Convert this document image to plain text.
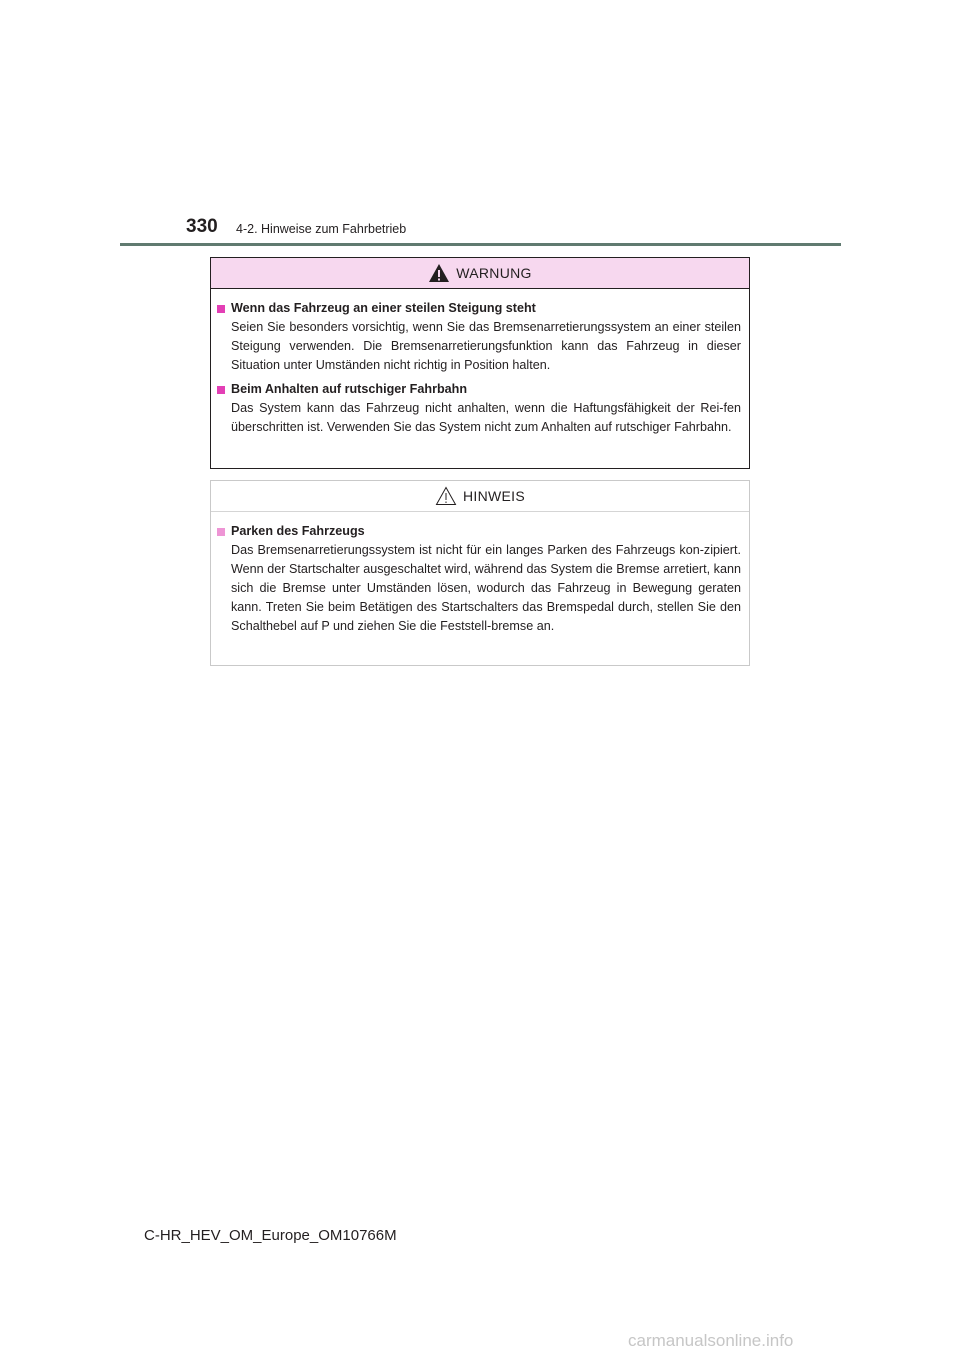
330 4-2. Hinweise zum Fahrbetrieb
WARNUNG
Wenn das Fahrzeug an einer steilen Steigung steht
Seien Sie besonders vorsichtig, wenn Sie das Bremsenarretierungssystem an einer steilen Steigung verwenden. Die Bremsenarretierungsfunktion kann das Fahrzeug in dieser Situation unter Umständen nicht richtig in Position halten.
Beim Anhalten auf rutschiger Fahrbahn
Das System kann das Fahrzeug nicht anhalten, wenn die Haftungsfähigkeit der Rei-fen überschritten ist. Verwenden Sie das System nicht zum Anhalten auf rutschiger Fahrbahn.
HINWEIS
Parken des Fahrzeugs
Das Bremsenarretierungssystem ist nicht für ein langes Parken des Fahrzeugs kon-zipiert. Wenn der Startschalter ausgeschaltet wird, während das System die Bremse arretiert, kann sich die Bremse unter Umständen lösen, wodurch das Fahrzeug in Bewegung geraten kann. Treten Sie beim Betätigen des Startschalters das Bremspedal durch, stellen Sie den Schalthebel auf P und ziehen Sie die Feststell-bremse an.
C-HR_HEV_OM_Europe_OM10766M
carmanualsonline.info
